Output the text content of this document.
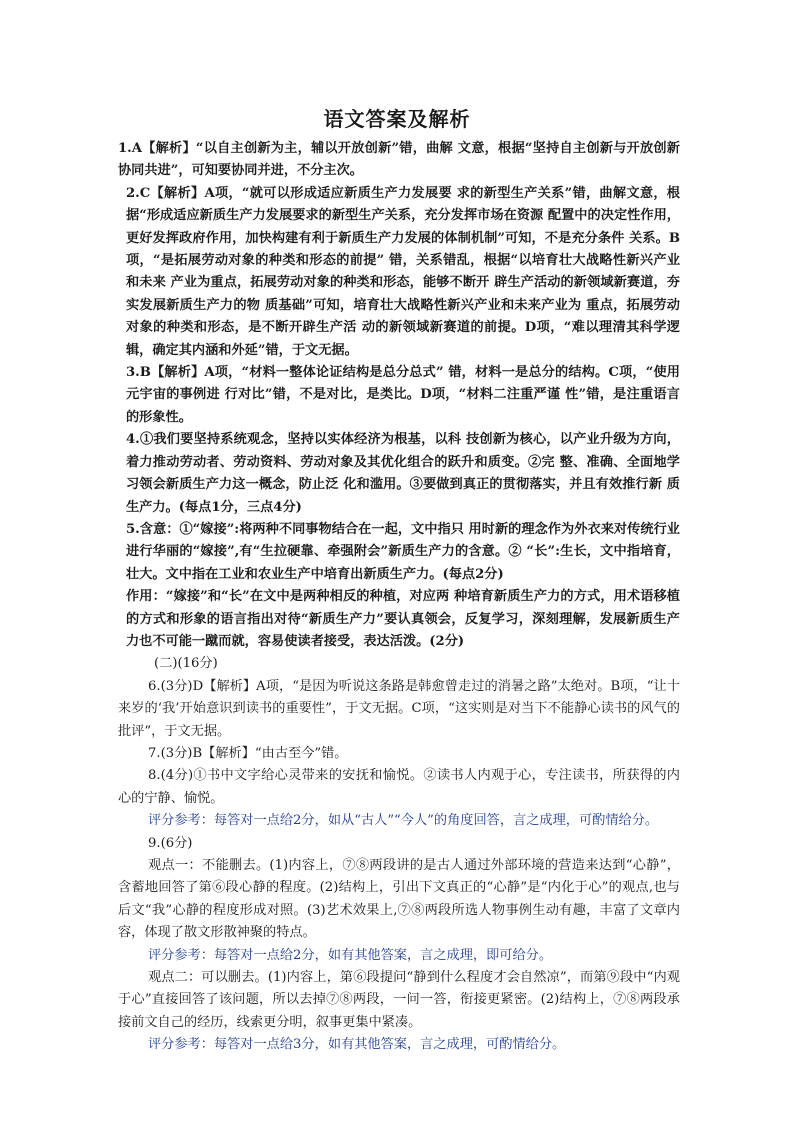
语文答案及解析

1.A【解析】“以自主创新为主，辅以开放创新”错，曲解 文意，根据“坚持自主创新与开放创新协同共进”，可知要协同并进，不分主次。

2.C【解析】A项，“就可以形成适应新质生产力发展要 求的新型生产关系”错，曲解文意，根据“形成适应新质生产力发展要求的新型生产关系，充分发挥市场在资源 配置中的决定性作用，更好发挥政府作用，加快构建有利于新质生产力发展的体制机制”可知，不是充分条件 关系。B项，“是拓展劳动对象的种类和形态的前提” 错，关系错乱，根据“以培育壮大战略性新兴产业和未来 产业为重点，拓展劳动对象的种类和形态，能够不断开 辟生产活动的新领域新赛道，夯实发展新质生产力的物 质基础”可知，培育壮大战略性新兴产业和未来产业为 重点，拓展劳动对象的种类和形态，是不断开辟生产活 动的新领域新赛道的前提。D项，“难以理清其科学逻 辑，确定其内涵和外延”错，于文无据。

3.B【解析】A项，“材料一整体论证结构是总分总式” 错，材料一是总分的结构。C项，“使用元宇宙的事例进 行对比”错，不是对比，是类比。D项，“材料二注重严谨 性”错，是注重语言的形象性。

4.①我们要坚持系统观念，坚持以实体经济为根基，以科 技创新为核心，以产业升级为方向，着力推动劳动者、劳动资料、劳动对象及其优化组合的跃升和质变。②完 整、准确、全面地学习领会新质生产力这一概念，防止泛 化和滥用。③要做到真正的贯彻落实，并且有效推行新 质生产力。(每点1分，三点4分)

5.含意：①“嫁接”:将两种不同事物结合在一起，文中指只 用时新的理念作为外衣来对传统行业进行华丽的“嫁接”,有“生拉硬靠、牵强附会”新质生产力的含意。② “长”:生长，文中指培育，壮大。文中指在工业和农业生产中培育出新质生产力。(每点2分)

作用：“嫁接”和“长”在文中是两种相反的种植，对应两 种培育新质生产力的方式，用术语移植的方式和形象的语言指出对待“新质生产力”要认真领会，反复学习，深刻理解，发展新质生产力也不可能一蹴而就，容易使读者接受，表达活泼。(2分)

(二)(16分)

6.(3分)D【解析】A项，“是因为听说这条路是韩愈曾走过的消暑之路”太绝对。B项，“让十来岁的‘我’开始意识到读书的重要性”，于文无据。C项，“这实则是对当下不能静心读书的风气的批评”，于文无据。

7.(3分)B【解析】“由古至今”错。

8.(4分)①书中文字给心灵带来的安抚和愉悦。②读书人内观于心，专注读书，所获得的内心的宁静、愉悦。

评分参考：每答对一点给2分，如从“古人”“今人”的角度回答，言之成理，可酌情给分。

9.(6分)

观点一：不能删去。(1)内容上，⑦⑧两段讲的是古人通过外部环境的营造来达到“心静”，含蓄地回答了第⑥段心静的程度。(2)结构上，引出下文真正的“心静”是“内化于心”的观点,也与后文“我”心静的程度形成对照。(3)艺术效果上,⑦⑧两段所选人物事例生动有趣，丰富了文章内容，体现了散文形散神聚的特点。

评分参考：每答对一点给2分，如有其他答案，言之成理，即可给分。

观点二：可以删去。(1)内容上，第⑥段提问“静到什么程度才会自然凉”，而第⑨段中“内观于心”直接回答了该问题，所以去掉⑦⑧两段，一问一答，衔接更紧密。(2)结构上，⑦⑧两段承接前文自己的经历，线索更分明，叙事更集中紧凑。

评分参考：每答对一点给3分，如有其他答案，言之成理，可酌情给分。
